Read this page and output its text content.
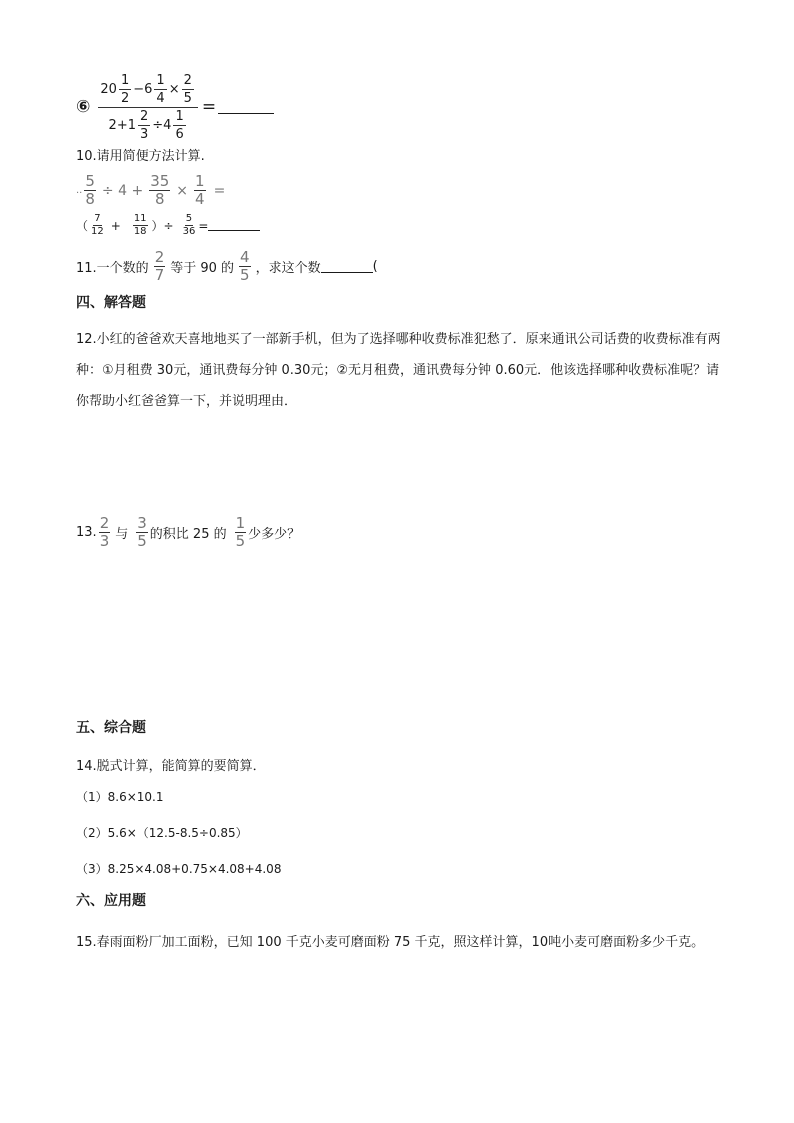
⑥ $\frac{20 \frac{1}{2} -6 \frac{1}{4} \times \frac{2}{5}}{2+1 \frac{2}{3} \div 4 \frac{1}{6}}$ =
10.请用简便方法计算.
.. $\frac{5}{8} \div 4 + \frac{35}{8} \times \frac{1}{4}$ =
（ $\frac{7}{12} + \frac{11}{18}$ ）÷ $\frac{5}{36}$ =
11.一个数的 $\frac{2}{7}$ 等于 90 的 $\frac{4}{5}$ ，求这个数	(
四、解答题
12.小红的爸爸欢天喜地地买了一部新手机，但为了选择哪种收费标准犯愁了．原来通讯公司话费的收费标准有两种：①月租费 30元，通讯费每分钟 0.30元；②无月租费，通讯费每分钟 0.60元．他该选择哪种收费标准呢？请你帮助小红爸爸算一下，并说明理由．
13. $\frac{2}{3}$ 与 $\frac{3}{5}$ 的积比 25 的 $\frac{1}{5}$ 少多少？
五、综合题
14.脱式计算，能简算的要简算．
（1）8.6×10.1
（2）5.6×（12.5-8.5÷0.85）
（3）8.25×4.08+0.75×4.08+4.08
六、应用题
15.春雨面粉厂加工面粉，已知 100 千克小麦可磨面粉 75 千克，照这样计算，10吨小麦可磨面粉多少千克。
